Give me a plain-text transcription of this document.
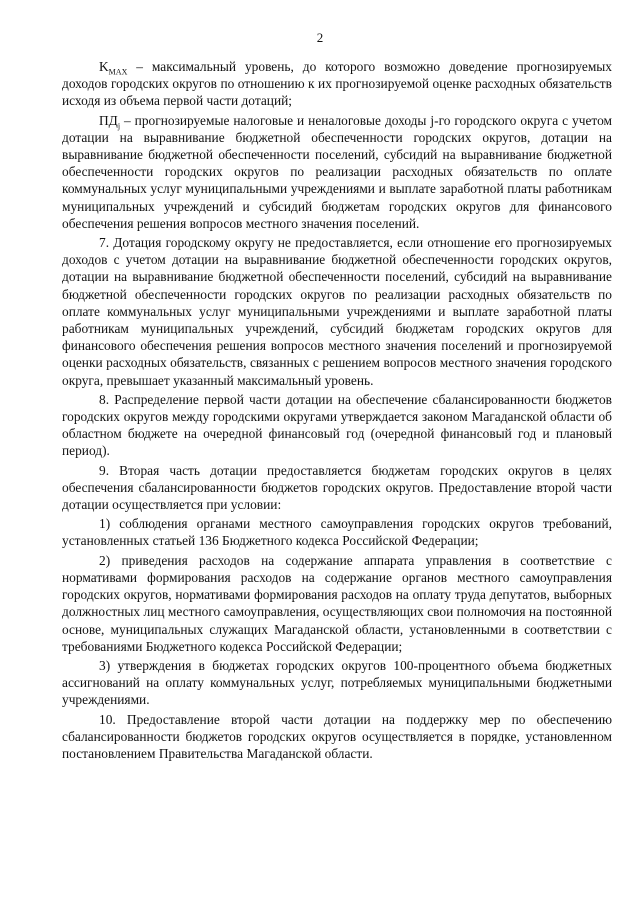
2

$K_{MAX}$ – максимальный уровень, до которого возможно доведение прогнозируемых доходов городских округов по отношению к их прогнозируемой оценке расходных обязательств исходя из объема первой части дотаций;

$ПД_j$ – прогнозируемые налоговые и неналоговые доходы j-го городского округа с учетом дотации на выравнивание бюджетной обеспеченности городских округов, дотации на выравнивание бюджетной обеспеченности поселений, субсидий на выравнивание бюджетной обеспеченности городских округов по реализации расходных обязательств по оплате коммунальных услуг муниципальными учреждениями и выплате заработной платы работникам муниципальных учреждений и субсидий бюджетам городских округов для финансового обеспечения решения вопросов местного значения поселений.

7. Дотация городскому округу не предоставляется, если отношение его прогнозируемых доходов с учетом дотации на выравнивание бюджетной обеспеченности городских округов, дотации на выравнивание бюджетной обеспеченности поселений, субсидий на выравнивание бюджетной обеспеченности городских округов по реализации расходных обязательств по оплате коммунальных услуг муниципальными учреждениями и выплате заработной платы работникам муниципальных учреждений, субсидий бюджетам городских округов для финансового обеспечения решения вопросов местного значения поселений и прогнозируемой оценки расходных обязательств, связанных с решением вопросов местного значения городского округа, превышает указанный максимальный уровень.

8. Распределение первой части дотации на обеспечение сбалансированности бюджетов городских округов между городскими округами утверждается законом Магаданской области об областном бюджете на очередной финансовый год (очередной финансовый год и плановый период).

9. Вторая часть дотации предоставляется бюджетам городских округов в целях обеспечения сбалансированности бюджетов городских округов. Предоставление второй части дотации осуществляется при условии:

1) соблюдения органами местного самоуправления городских округов требований, установленных статьей 136 Бюджетного кодекса Российской Федерации;

2) приведения расходов на содержание аппарата управления в соответствие с нормативами формирования расходов на содержание органов местного самоуправления городских округов, нормативами формирования расходов на оплату труда депутатов, выборных должностных лиц местного самоуправления, осуществляющих свои полномочия на постоянной основе, муниципальных служащих Магаданской области, установленными в соответствии с требованиями Бюджетного кодекса Российской Федерации;

3) утверждения в бюджетах городских округов 100-процентного объема бюджетных ассигнований на оплату коммунальных услуг, потребляемых муниципальными бюджетными учреждениями.

10. Предоставление второй части дотации на поддержку мер по обеспечению сбалансированности бюджетов городских округов осуществляется в порядке, установленном постановлением Правительства Магаданской области.
